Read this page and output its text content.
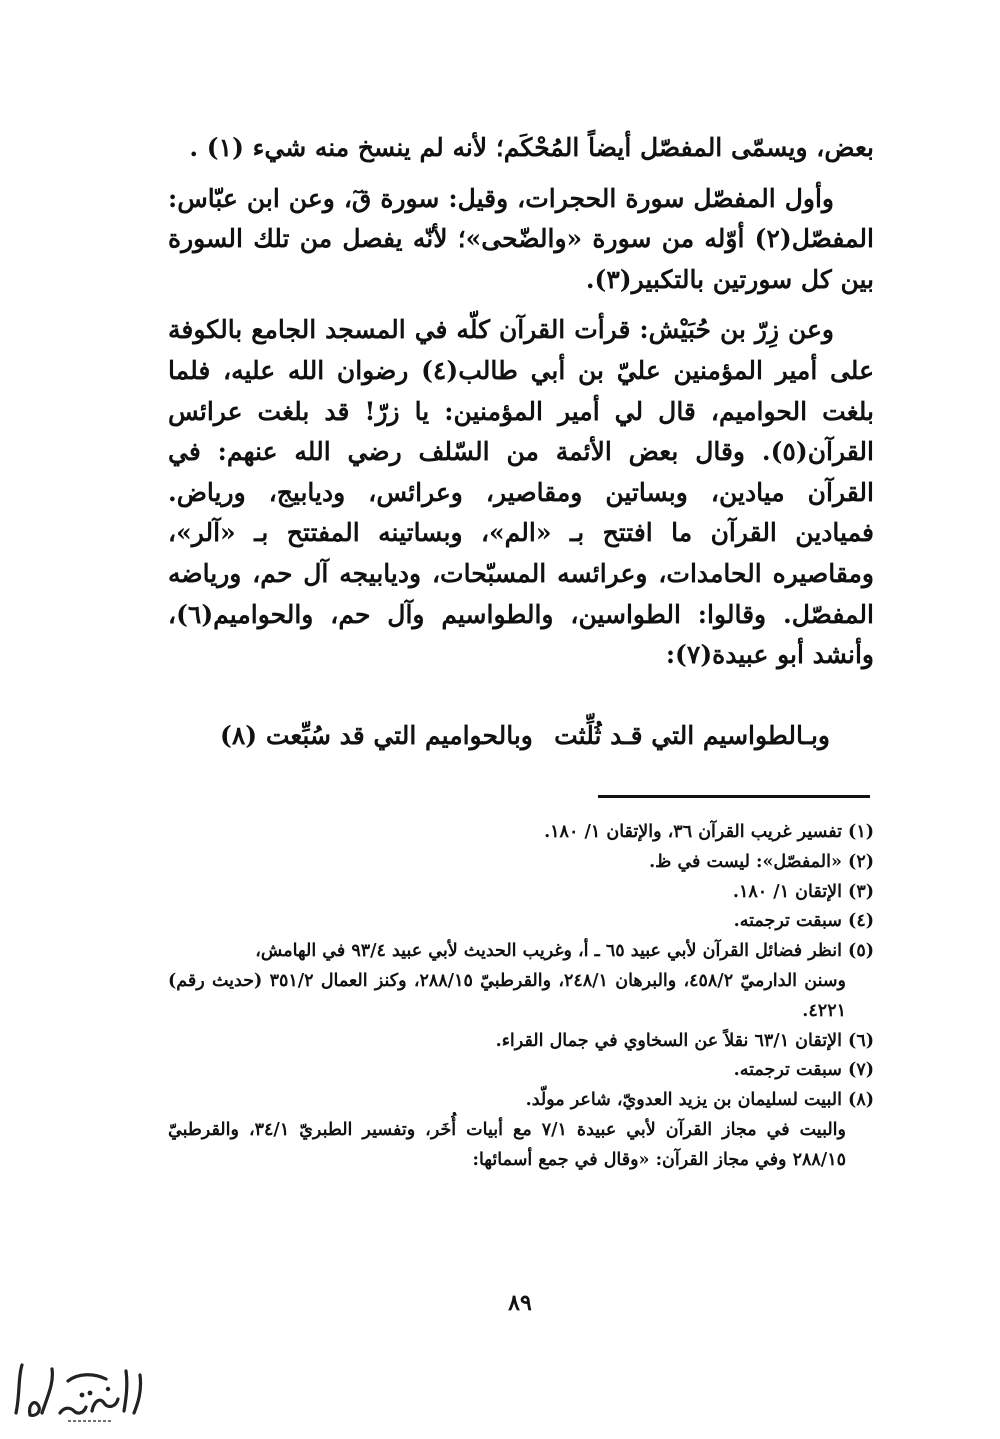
بعض، ويسمّى المفصّل أيضاً المُحْكَم؛ لأنه لم ينسخ منه شيء (١) .

وأول المفصّل سورة الحجرات، وقيل: سورة قٓ، وعن ابن عبّاس: المفصّل(٢) أوّله من سورة «والضّحى»؛ لأنّه يفصل من تلك السورة بين كل سورتين بالتكبير(٣).

وعن زِرّ بن حُبَيْش: قرأت القرآن كلّه في المسجد الجامع بالكوفة على أمير المؤمنين عليّ بن أبي طالب(٤) رضوان الله عليه، فلما بلغت الحواميم، قال لي أمير المؤمنين: يا زرّ! قد بلغت عرائس القرآن(٥). وقال بعض الأئمة من السّلف رضي الله عنهم: في القرآن ميادين، وبساتين ومقاصير، وعرائس، وديابيج، ورياض. فميادين القرآن ما افتتح بـ «الم»، وبساتينه المفتتح بـ «آلر»، ومقاصيره الحامدات، وعرائسه المسبّحات، وديابيجه آل حم، ورياضه المفصّل. وقالوا: الطواسين، والطواسيم وآل حم، والحواميم(٦)، وأنشد أبو عبيدة(٧):

وبـالطواسيم التي قـد ثُلِّثت
وبالحواميم التي قد سُبِّعت (٨)

(١) تفسير غريب القرآن ٣٦، والإتقان ١/ ١٨٠.

(٢) «المفصّل»: ليست في ظ.

(٣) الإتقان ١/ ١٨٠.

(٤) سبقت ترجمته.

(٥) انظر فضائل القرآن لأبي عبيد ٦٥ ـ أ، وغريب الحديث لأبي عبيد ٩٣/٤ في الهامش،

وسنن الدارميّ ٤٥٨/٢، والبرهان ٢٤٨/١، والقرطبيّ ٢٨٨/١٥، وكنز العمال ٣٥١/٢ (حديث رقم) ٤٢٢١.

(٦) الإتقان ٦٣/١ نقلاً عن السخاوي في جمال القراء.

(٧) سبقت ترجمته.

(٨) البيت لسليمان بن يزيد العدويّ، شاعر مولّد.

والبيت في مجاز القرآن لأبي عبيدة ٧/١ مع أبيات أُخَر، وتفسير الطبريّ ٣٤/١، والقرطبيّ ٢٨٨/١٥ وفي مجاز القرآن: «وقال في جمع أسمائها:

٨٩
